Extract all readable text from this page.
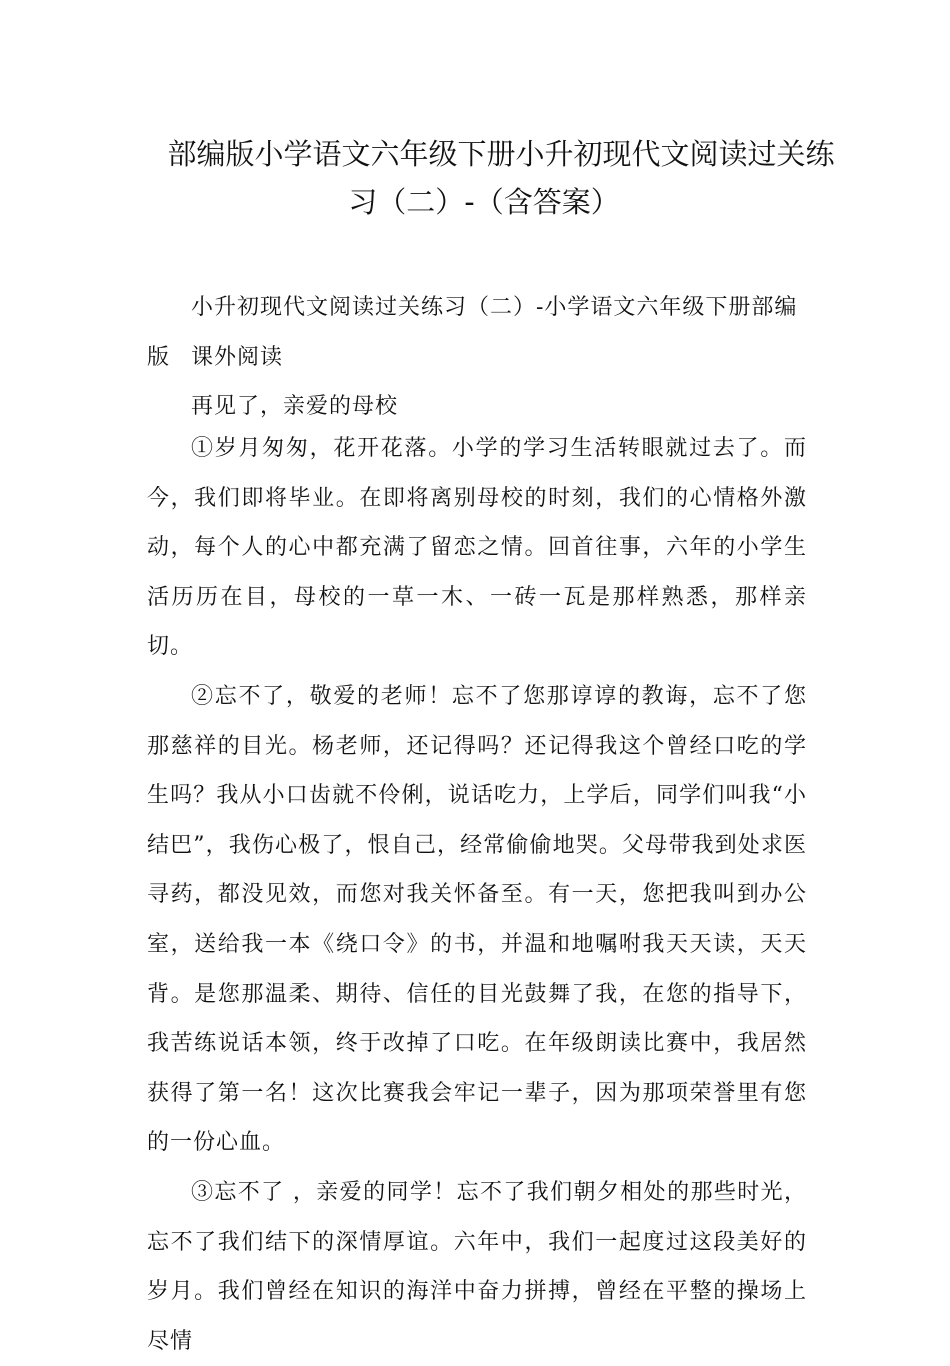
部编版小学语文六年级下册小升初现代文阅读过关练
习（二）-（含答案）

小升初现代文阅读过关练习（二）-小学语文六年级下册部编版 课外阅读

再见了，亲爱的母校

①岁月匆匆，花开花落。小学的学习生活转眼就过去了。而今，我们即将毕业。在即将离别母校的时刻，我们的心情格外激动，每个人的心中都充满了留恋之情。回首往事，六年的小学生活历历在目，母校的一草一木、一砖一瓦是那样熟悉，那样亲切。

②忘不了，敬爱的老师！忘不了您那谆谆的教诲，忘不了您那慈祥的目光。杨老师，还记得吗？还记得我这个曾经口吃的学生吗？我从小口齿就不伶俐，说话吃力，上学后，同学们叫我“小结巴”，我伤心极了，恨自己，经常偷偷地哭。父母带我到处求医寻药，都没见效，而您对我关怀备至。有一天，您把我叫到办公室，送给我一本《绕口令》的书，并温和地嘱咐我天天读，天天背。是您那温柔、期待、信任的目光鼓舞了我，在您的指导下，我苦练说话本领，终于改掉了口吃。在年级朗读比赛中，我居然获得了第一名！这次比赛我会牢记一辈子，因为那项荣誉里有您的一份心血。

③忘不了 ，亲爱的同学！忘不了我们朝夕相处的那些时光，忘不了我们结下的深情厚谊。六年中，我们一起度过这段美好的岁月。我们曾经在知识的海洋中奋力拼搏，曾经在平整的操场上尽情
